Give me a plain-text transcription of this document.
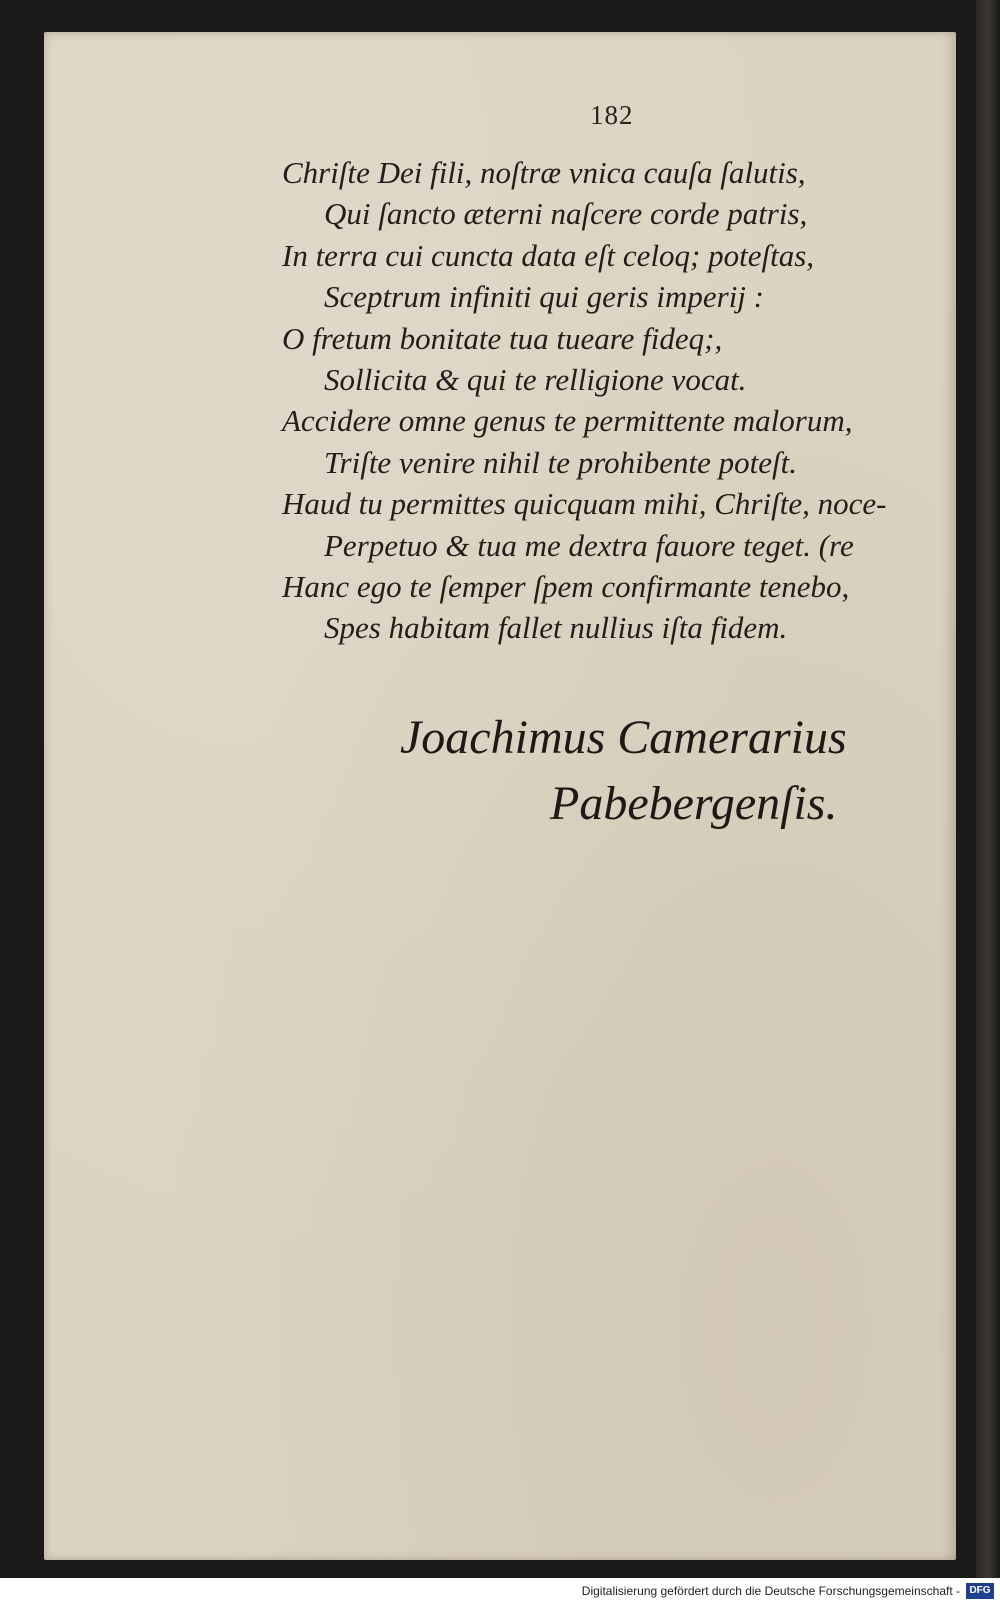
182
Chriſte Dei fili, noſtræ vnica cauſa ſalutis,
Qui ſancto æterni naſcere corde patris,
In terra cui cuncta data eſt celoq; poteſtas,
Sceptrum infiniti qui geris imperij :
O fretum bonitate tua tueare fideq;,
Sollicita & qui te relligione vocat.
Accidere omne genus te permittente malorum,
Triſte venire nihil te prohibente poteſt.
Haud tu permittes quicquam mihi, Chriſte, noce-
Perpetuo & tua me dextra fauore teget. (re
Hanc ego te ſemper ſpem confirmante tenebo,
Spes habitam fallet nullius iſta fidem.
Joachimus Camerarius
Pabebergenſis.
Digitalisierung gefördert durch die Deutsche Forschungsgemeinschaft - DFG
